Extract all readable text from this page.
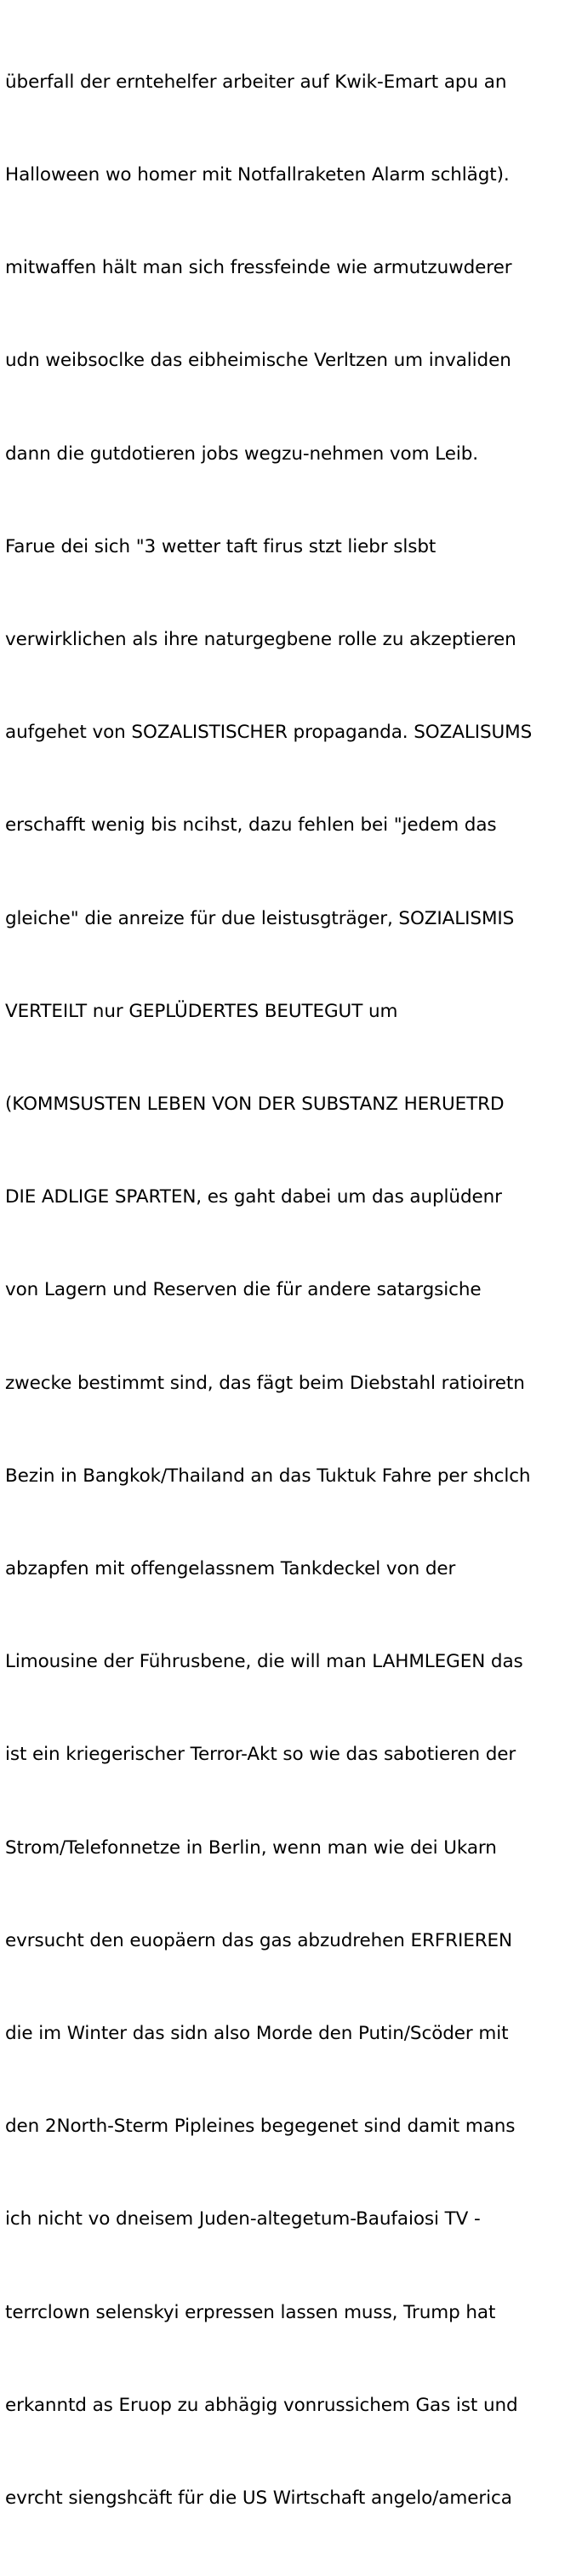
überfall der erntehelfer arbeiter auf Kwik-Emart apu an

Halloween wo homer mit Notfallraketen Alarm schlägt).

mitwaffen hält man sich fressfeinde wie armutzuwderer

udn weibsoclke das eibheimische Verltzen um invaliden

dann die gutdotieren jobs wegzu-nehmen vom Leib.

Farue dei sich "3 wetter taft firus stzt liebr slsbt

verwirklichen als ihre naturgegbene rolle zu akzeptieren

aufgehet von SOZALISTISCHER propaganda. SOZALISUMS

erschafft wenig bis ncihst, dazu fehlen bei "jedem das

gleiche" die anreize für due leistusgträger, SOZIALISMIS

VERTEILT nur GEPLÜDERTES BEUTEGUT um

(KOMMSUSTEN LEBEN VON DER SUBSTANZ HERUETRD

DIE ADLIGE SPARTEN, es gaht dabei um das auplüdenr

von Lagern und Reserven die für andere satargsiche

zwecke bestimmt sind, das fägt beim Diebstahl ratioiretn

Bezin in Bangkok/Thailand an das Tuktuk Fahre per shclch

abzapfen mit offengelassnem Tankdeckel von der

Limousine der Führusbene, die will man LAHMLEGEN das

ist ein kriegerischer Terror-Akt so wie das sabotieren der

Strom/Telefonnetze in Berlin, wenn man wie dei Ukarn

evrsucht den euopäern das gas abzudrehen ERFRIEREN

die im Winter das sidn also Morde den Putin/Scöder mit

den 2North-Sterm Pipleines begegenet sind damit mans

ich nicht vo dneisem Juden-altegetum-Baufaiosi TV -

terrclown selenskyi erpressen lassen muss, Trump hat

erkanntd as Eruop zu abhägig vonrussichem Gas ist und

evrcht siengshcäft für die US Wirtschaft angelo/america
